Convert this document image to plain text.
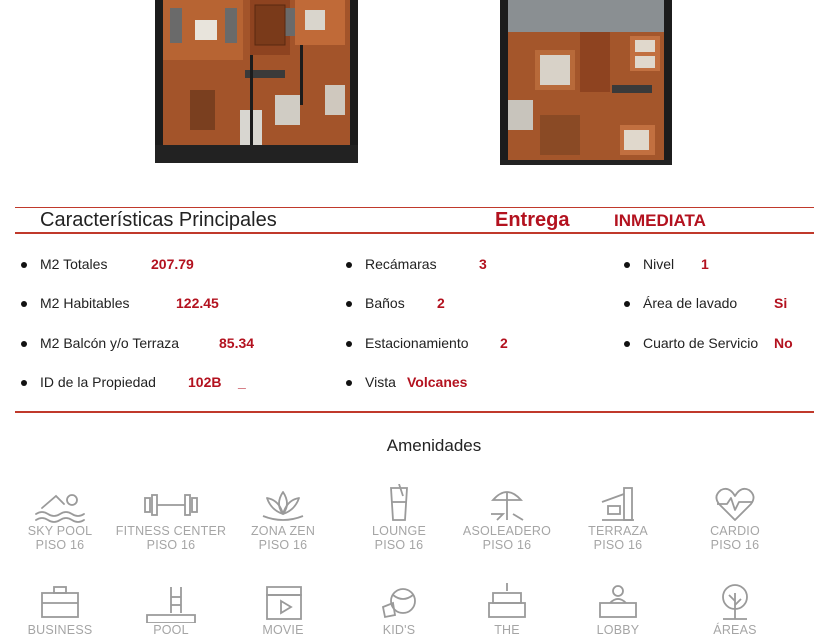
Características Principales	Entrega	INMEDIATA
M2 Totales	207.79
M2 Habitables	122.45
M2 Balcón y/o Terraza	85.34
ID de la Propiedad 102B _
Recámaras	3
Baños 2
Estacionamiento 2
Vista Volcanes
Nivel 1
Área de lavado	Si
Cuarto de Servicio No
Amenidades
SKY POOL
PISO 16
FITNESS CENTER
PISO 16
ZONA ZEN
PISO 16
LOUNGE
PISO 16
ASOLEADERO
PISO 16
TERRAZA
PISO 16
CARDIO
PISO 16
BUSINESS	POOL	MOVIE	KID'S	THE	LOBBY	ÁREAS
